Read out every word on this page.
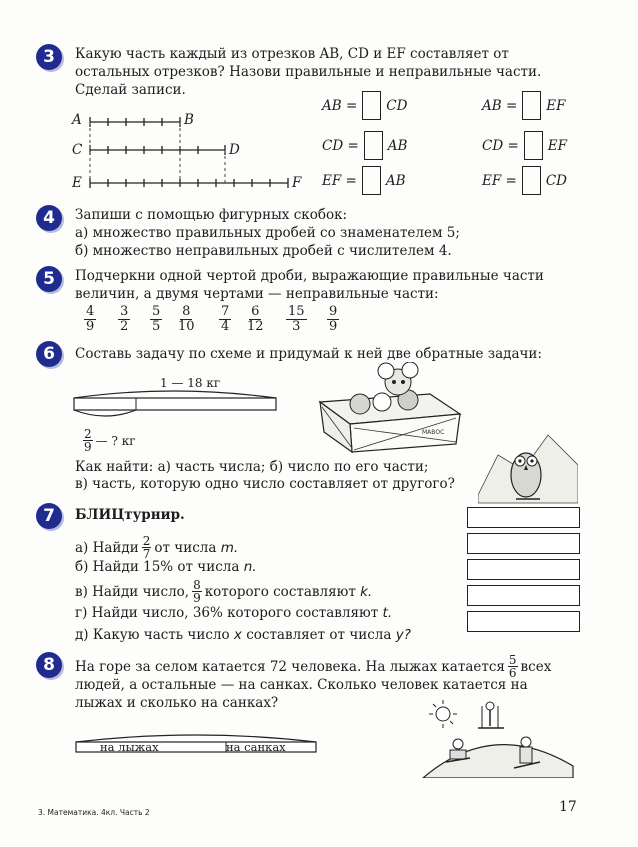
3	Какую часть каждый из отрезков AB, CD и EF составляет от
остальных отрезков? Назови правильные и неправильные части.
Сделай записи.
A	B
C	D
E	F
AB = CD
CD = AB
EF = AB
AB = EF
CD = EF
EF = CD
4	Запиши с помощью фигурных скобок:
а) множество правильных дробей со знаменателем 5;
б) множество неправильных дробей с числителем 4.
5	Подчеркни одной чертой дроби, выражающие правильные части
величин, а двумя чертами — неправильные части:
$\frac{4}{9} \frac{3}{2} \frac{5}{5} \frac{8}{10} \frac{7}{4} \frac{6}{12} \frac{15}{3} \frac{9}{9}$
6	Составь задачу по схеме и придумай к ней две обратные задачи:
1 — 18 кг
$\frac{2}{9}$ — ? кг
МАВОС
Как найти: а) часть числа; б) число по его части;
в) часть, которую одно число составляет от другого?
7	БЛИЦтурнир.
а) Найди $\frac{2}{7}$ от числа
m.
б) Найди 15% от числа n.
в) Найди число, $\frac{8}{9}$ которого составляют
k.
г) Найди число, 36% которого составляют t.
д) Какую часть число x составляет от числа y?
8	На горе за селом катается 72 человека. На лыжах катается $\frac{5}{6}$ всех
людей, а остальные — на санках. Сколько человек катается на
лыжах и сколько на санках?
на лыжах	на санках
3. Математика. 4кл. Часть 2	17
